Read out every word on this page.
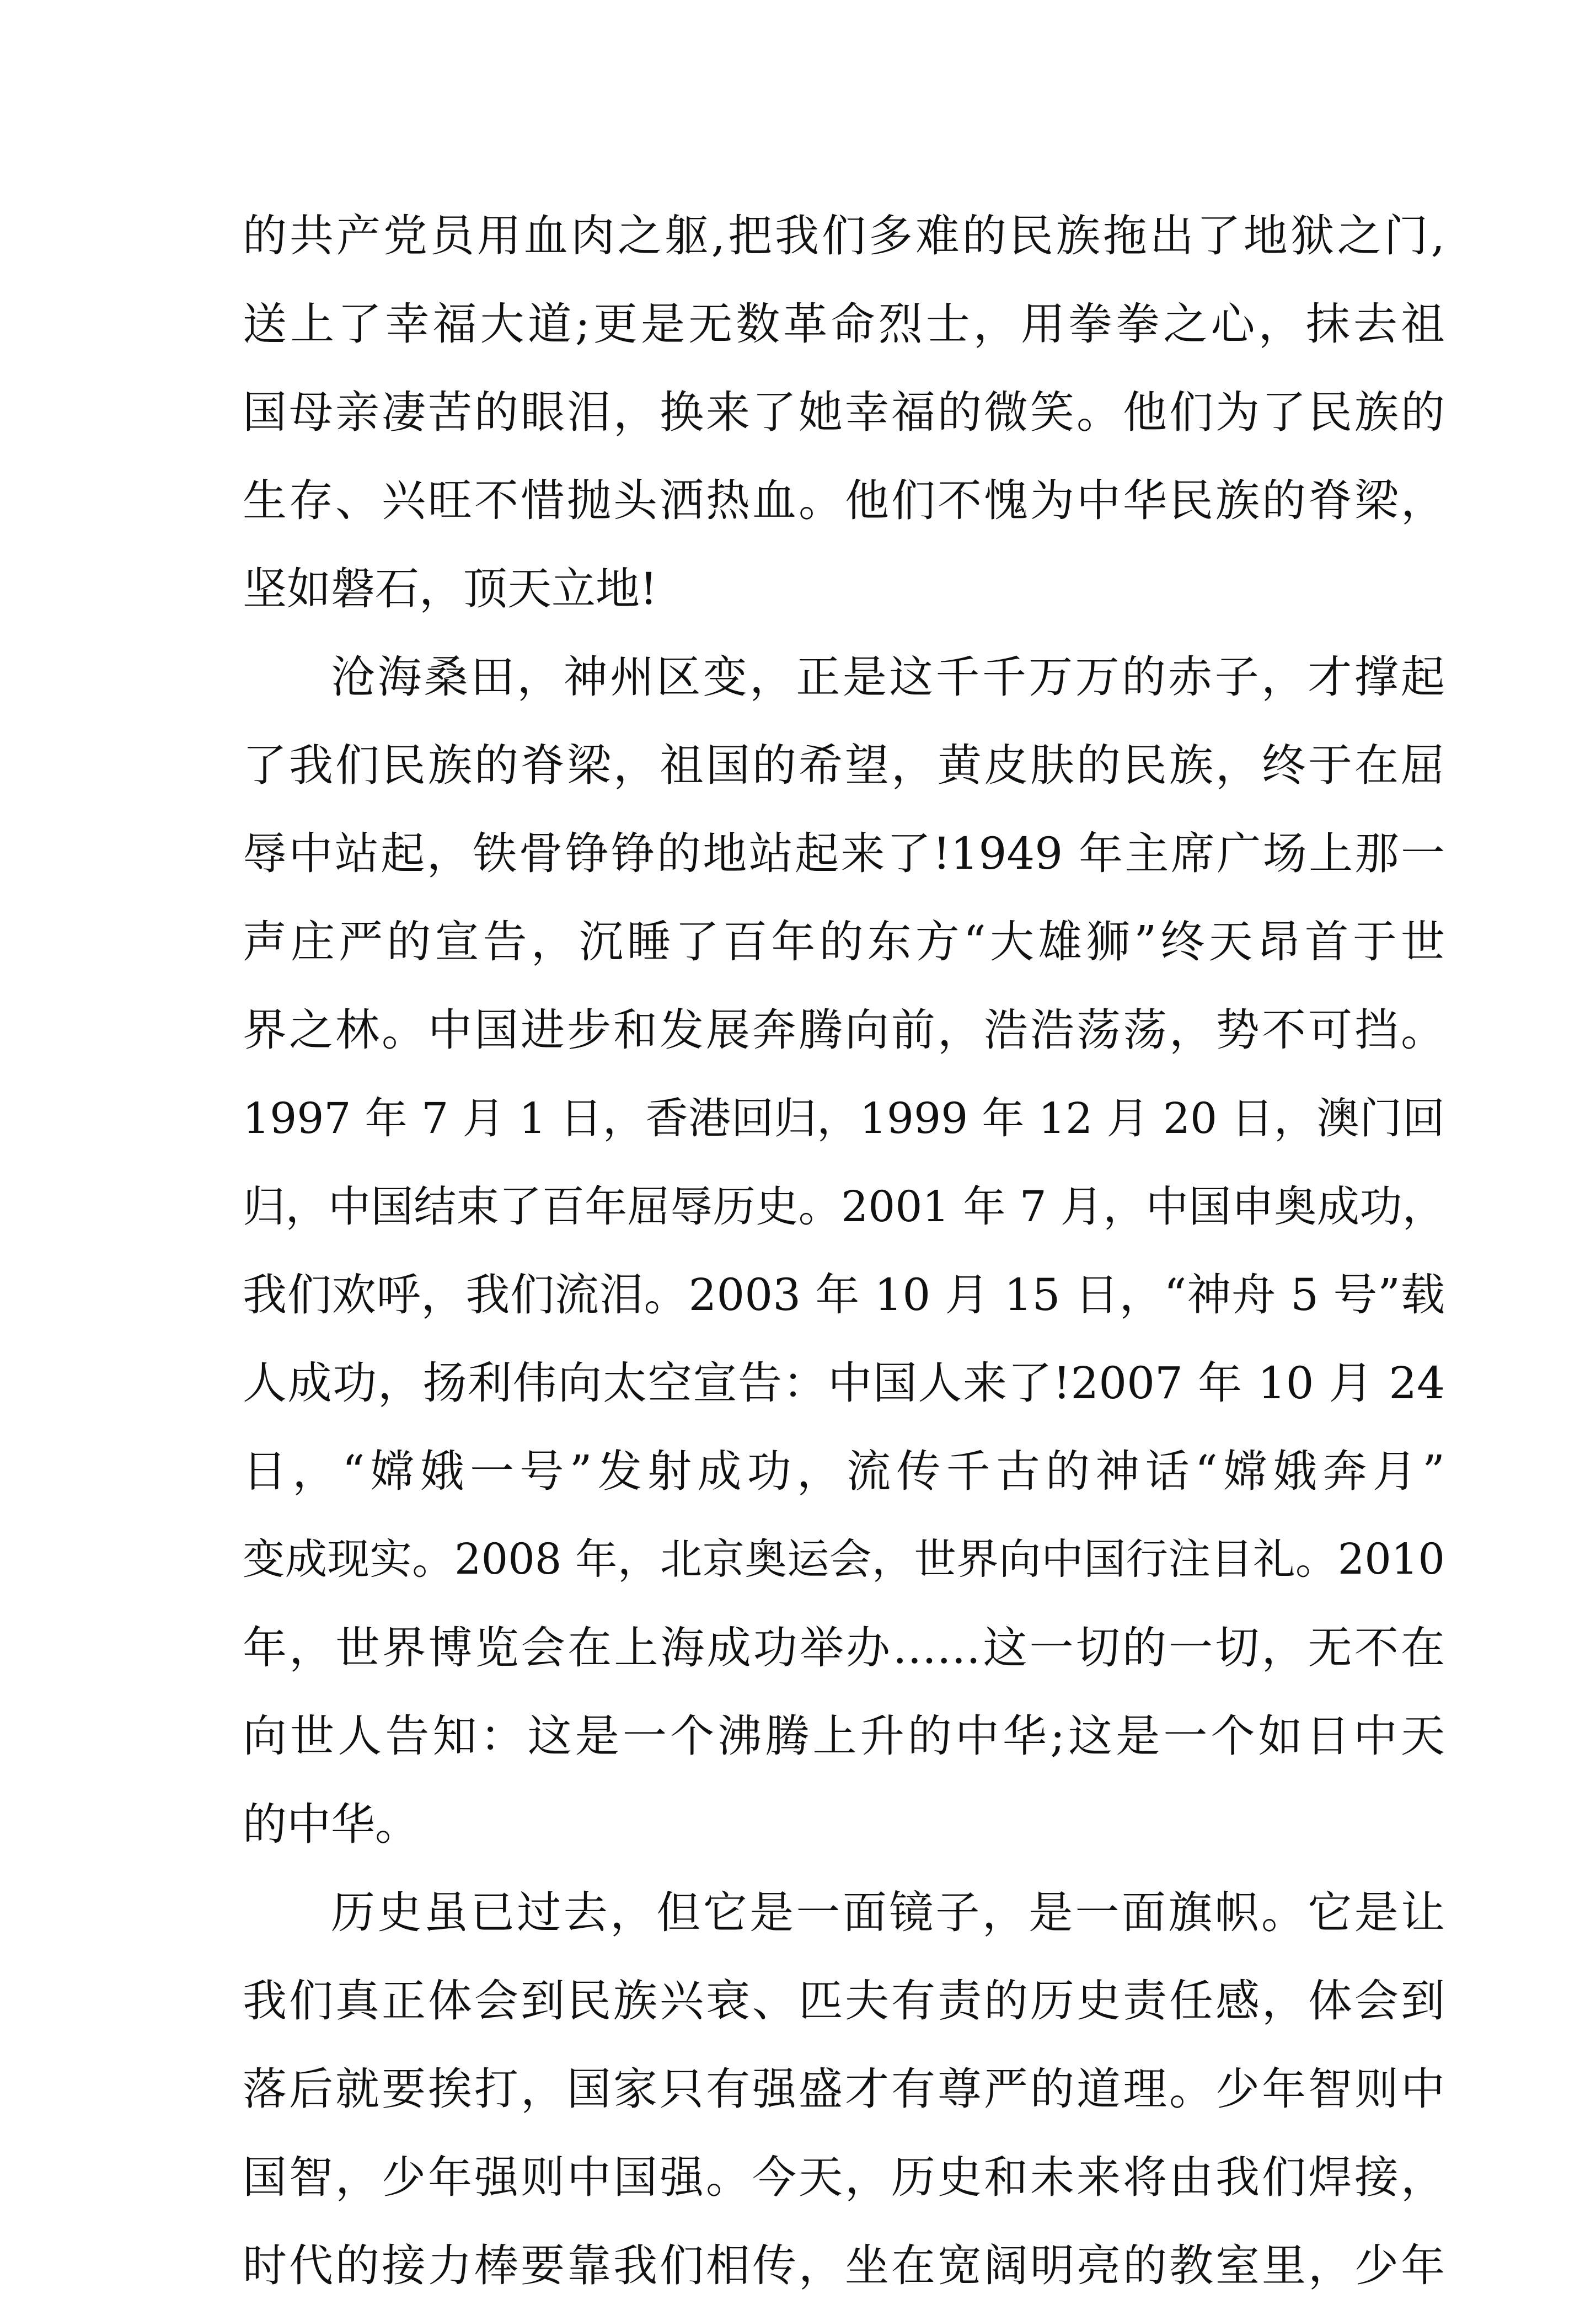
的共产党员用血肉之躯,把我们多难的民族拖出了地狱之门,
送上了幸福大道;更是无数革命烈士，用拳拳之心，抹去祖
国母亲凄苦的眼泪，换来了她幸福的微笑。他们为了民族的
生存、兴旺不惜抛头洒热血。他们不愧为中华民族的脊梁，
坚如磐石，顶天立地!
沧海桑田，神州区变，正是这千千万万的赤子，才撑起
了我们民族的脊梁，祖国的希望，黄皮肤的民族，终于在屈
辱中站起，铁骨铮铮的地站起来了!1949 年主席广场上那一
声庄严的宣告，沉睡了百年的东方“大雄狮”终天昂首于世
界之林。中国进步和发展奔腾向前，浩浩荡荡，势不可挡。
1997 年 7 月 1 日，香港回归，1999 年 12 月 20 日，澳门回
归，中国结束了百年屈辱历史。2001 年 7 月，中国申奥成功，
我们欢呼，我们流泪。2003 年 10 月 15 日，“神舟 5 号”载
人成功，扬利伟向太空宣告：中国人来了!2007 年 10 月 24
日，“嫦娥一号”发射成功，流传千古的神话“嫦娥奔月”
变成现实。2008 年，北京奥运会，世界向中国行注目礼。2010
年，世界博览会在上海成功举办……这一切的一切，无不在
向世人告知：这是一个沸腾上升的中华;这是一个如日中天
的中华。
历史虽已过去，但它是一面镜子，是一面旗帜。它是让
我们真正体会到民族兴衰、匹夫有责的历史责任感，体会到
落后就要挨打，国家只有强盛才有尊严的道理。少年智则中
国智，少年强则中国强。今天，历史和未来将由我们焊接，
时代的接力棒要靠我们相传，坐在宽阔明亮的教室里，少年
